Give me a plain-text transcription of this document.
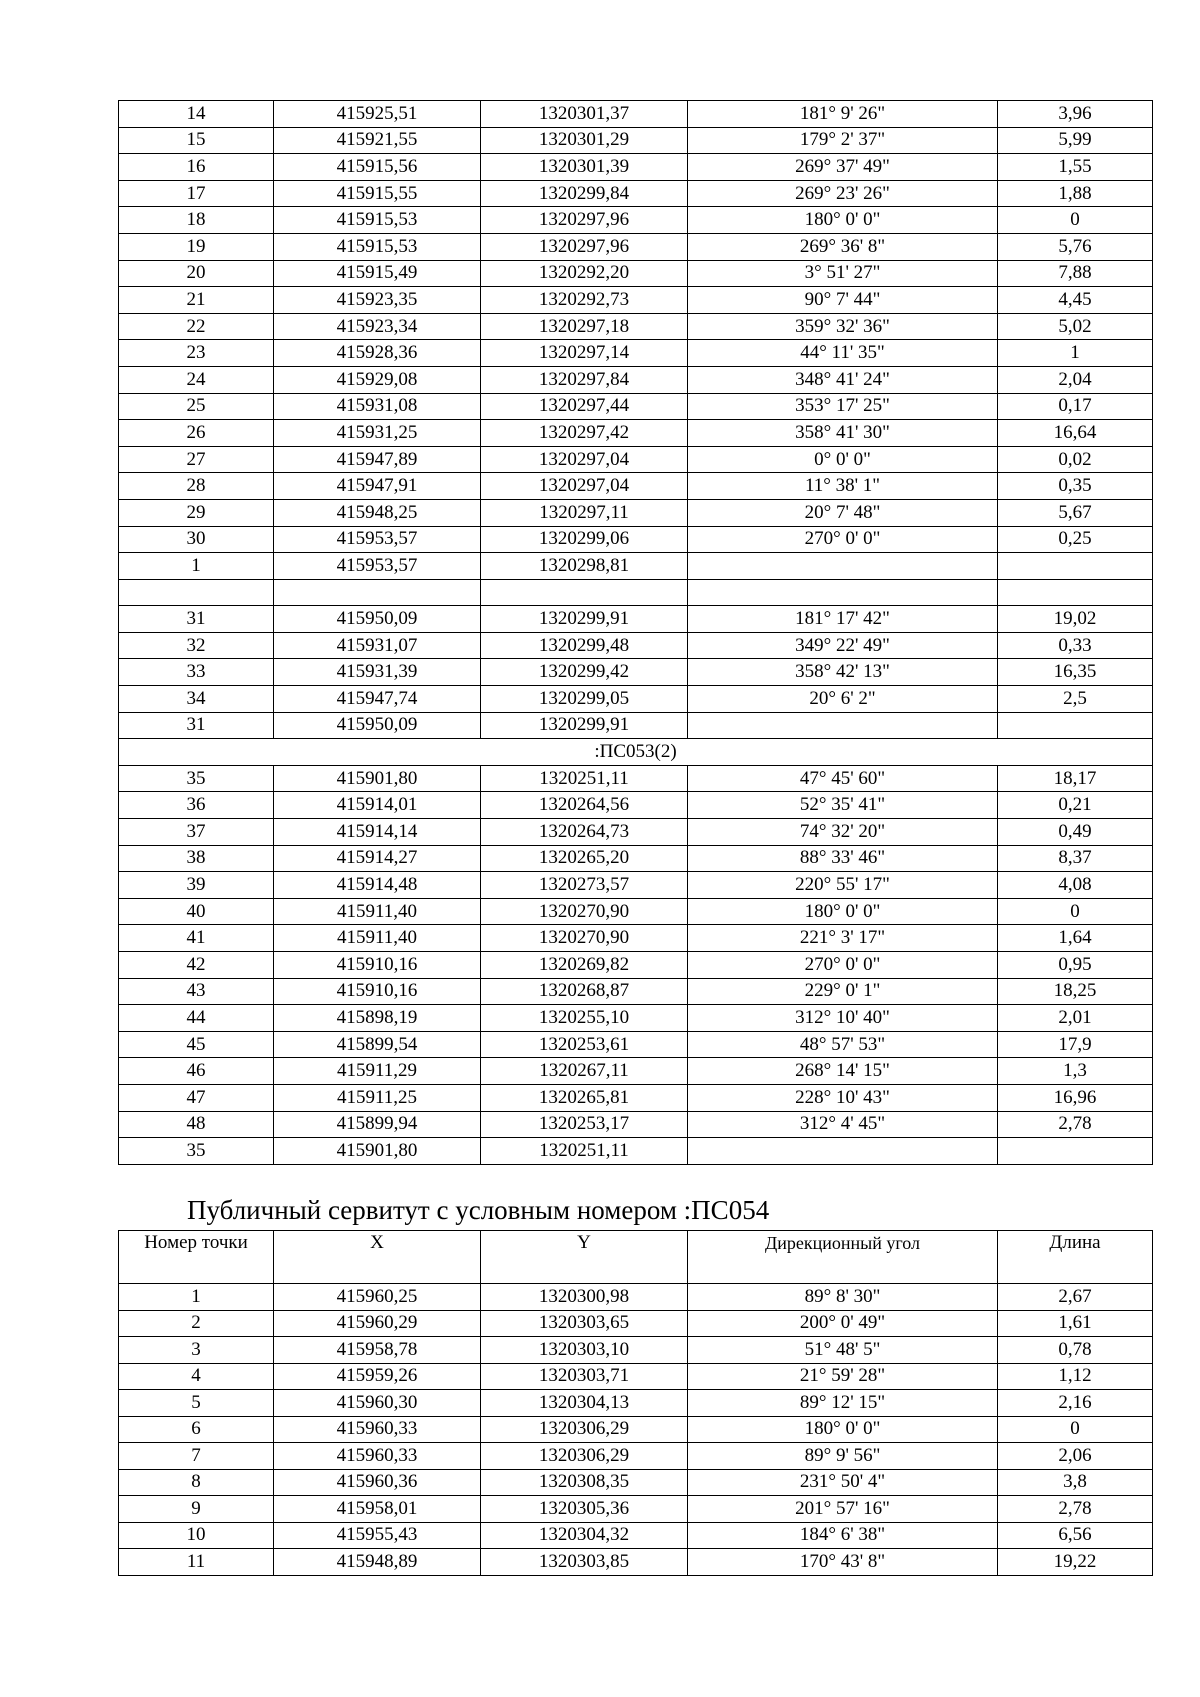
14	415925,51	1320301,37	181° 9' 26"	3,96
15	415921,55	1320301,29	179° 2' 37"	5,99
16	415915,56	1320301,39	269° 37' 49"	1,55
17	415915,55	1320299,84	269° 23' 26"	1,88
18	415915,53	1320297,96	180° 0' 0"	0
19	415915,53	1320297,96	269° 36' 8"	5,76
20	415915,49	1320292,20	3° 51' 27"	7,88
21	415923,35	1320292,73	90° 7' 44"	4,45
22	415923,34	1320297,18	359° 32' 36"	5,02
23	415928,36	1320297,14	44° 11' 35"	1
24	415929,08	1320297,84	348° 41' 24"	2,04
25	415931,08	1320297,44	353° 17' 25"	0,17
26	415931,25	1320297,42	358° 41' 30"	16,64
27	415947,89	1320297,04	0° 0' 0"	0,02
28	415947,91	1320297,04	11° 38' 1"	0,35
29	415948,25	1320297,11	20° 7' 48"	5,67
30	415953,57	1320299,06	270° 0' 0"	0,25
1	415953,57	1320298,81		

31	415950,09	1320299,91	181° 17' 42"	19,02
32	415931,07	1320299,48	349° 22' 49"	0,33
33	415931,39	1320299,42	358° 42' 13"	16,35
34	415947,74	1320299,05	20° 6' 2"	2,5
31	415950,09	1320299,91		
:ПС053(2)				
35	415901,80	1320251,11	47° 45' 60"	18,17
36	415914,01	1320264,56	52° 35' 41"	0,21
37	415914,14	1320264,73	74° 32' 20"	0,49
38	415914,27	1320265,20	88° 33' 46"	8,37
39	415914,48	1320273,57	220° 55' 17"	4,08
40	415911,40	1320270,90	180° 0' 0"	0
41	415911,40	1320270,90	221° 3' 17"	1,64
42	415910,16	1320269,82	270° 0' 0"	0,95
43	415910,16	1320268,87	229° 0' 1"	18,25
44	415898,19	1320255,10	312° 10' 40"	2,01
45	415899,54	1320253,61	48° 57' 53"	17,9
46	415911,29	1320267,11	268° 14' 15"	1,3
47	415911,25	1320265,81	228° 10' 43"	16,96
48	415899,94	1320253,17	312° 4' 45"	2,78
35	415901,80	1320251,11		
Публичный сервитут с условным номером :ПС054
Номер точки	X	Y	Дирекционный угол	Длина
1	415960,25	1320300,98	89° 8' 30"	2,67
2	415960,29	1320303,65	200° 0' 49"	1,61
3	415958,78	1320303,10	51° 48' 5"	0,78
4	415959,26	1320303,71	21° 59' 28"	1,12
5	415960,30	1320304,13	89° 12' 15"	2,16
6	415960,33	1320306,29	180° 0' 0"	0
7	415960,33	1320306,29	89° 9' 56"	2,06
8	415960,36	1320308,35	231° 50' 4"	3,8
9	415958,01	1320305,36	201° 57' 16"	2,78
10	415955,43	1320304,32	184° 6' 38"	6,56
11	415948,89	1320303,85	170° 43' 8"	19,22
